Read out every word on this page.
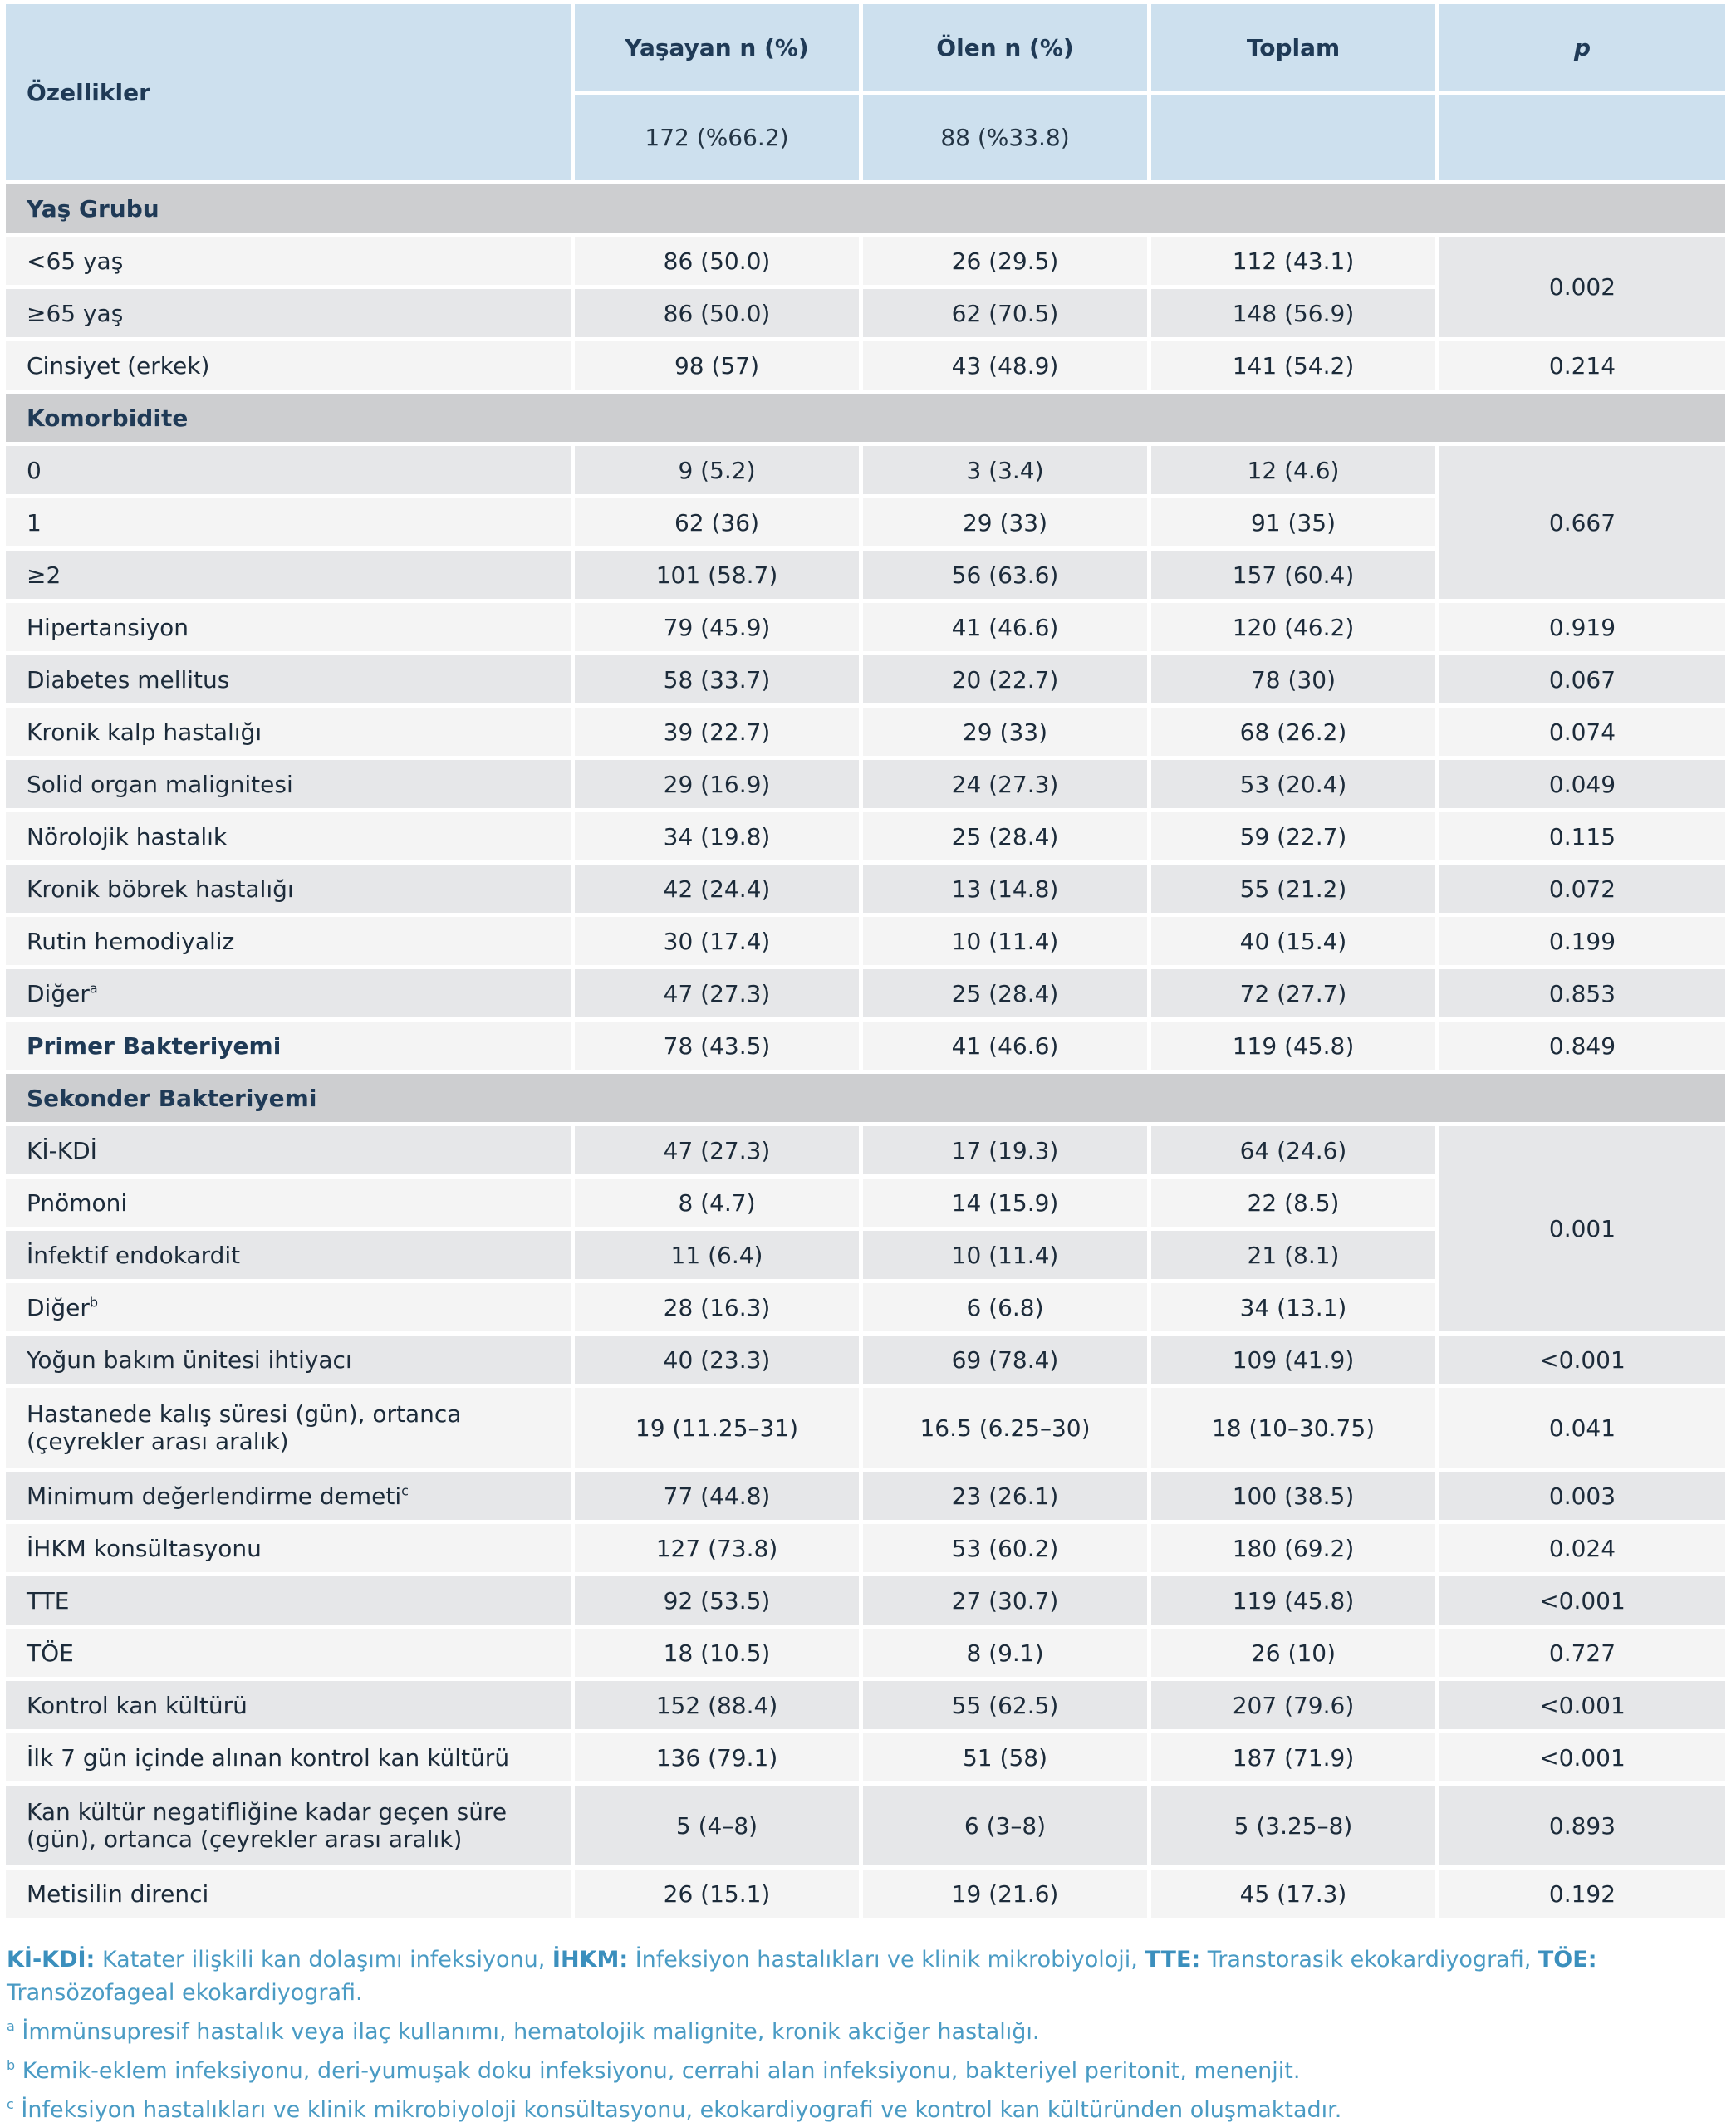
Özellikler	Yaşayan n (%)	Ölen n (%)	Toplam	p
	172 (%66.2)	88 (%33.8)		
Yaş Grubu				
<65 yaş	86 (50.0)	26 (29.5)	112 (43.1)	0.002
≥65 yaş	86 (50.0)	62 (70.5)	148 (56.9)	
Cinsiyet (erkek)	98 (57)	43 (48.9)	141 (54.2)	0.214
Komorbidite				
0	9 (5.2)	3 (3.4)	12 (4.6)	0.667
1	62 (36)	29 (33)	91 (35)	
≥2	101 (58.7)	56 (63.6)	157 (60.4)	
Hipertansiyon	79 (45.9)	41 (46.6)	120 (46.2)	0.919
Diabetes mellitus	58 (33.7)	20 (22.7)	78 (30)	0.067
Kronik kalp hastalığı	39 (22.7)	29 (33)	68 (26.2)	0.074
Solid organ malignitesi	29 (16.9)	24 (27.3)	53 (20.4)	0.049
Nörolojik hastalık	34 (19.8)	25 (28.4)	59 (22.7)	0.115
Kronik böbrek hastalığı	42 (24.4)	13 (14.8)	55 (21.2)	0.072
Rutin hemodiyaliz	30 (17.4)	10 (11.4)	40 (15.4)	0.199
Diğer$^a$	47 (27.3)	25 (28.4)	72 (27.7)	0.853
Primer Bakteriyemi	78 (43.5)	41 (46.6)	119 (45.8)	0.849
Sekonder Bakteriyemi				
Kİ-KDİ	47 (27.3)	17 (19.3)	64 (24.6)	0.001
Pnömoni	8 (4.7)	14 (15.9)	22 (8.5)	
İnfektif endokardit	11 (6.4)	10 (11.4)	21 (8.1)	
Diğer$^b$	28 (16.3)	6 (6.8)	34 (13.1)	
Yoğun bakım ünitesi ihtiyacı	40 (23.3)	69 (78.4)	109 (41.9)	<0.001
Hastanede kalış süresi (gün), ortanca (çeyrekler arası aralık)	19 (11.25–31)	16.5 (6.25–30)	18 (10–30.75)	0.041
Minimum değerlendirme demeti$^c$	77 (44.8)	23 (26.1)	100 (38.5)	0.003
İHKM konsültasyonu	127 (73.8)	53 (60.2)	180 (69.2)	0.024
TTE	92 (53.5)	27 (30.7)	119 (45.8)	<0.001
TÖE	18 (10.5)	8 (9.1)	26 (10)	0.727
Kontrol kan kültürü	152 (88.4)	55 (62.5)	207 (79.6)	<0.001
İlk 7 gün içinde alınan kontrol kan kültürü	136 (79.1)	51 (58)	187 (71.9)	<0.001
Kan kültür negatifliğine kadar geçen süre (gün), ortanca (çeyrekler arası aralık)	5 (4–8)	6 (3–8)	5 (3.25–8)	0.893
Metisilin direnci	26 (15.1)	19 (21.6)	45 (17.3)	0.192
Kİ-KDİ: Katater ilişkili kan dolaşımı infeksiyonu, İHKM: İnfeksiyon hastalıkları ve klinik mikrobiyoloji, TTE: Transtorasik ekokardiyografi, TÖE: Transözofageal ekokardiyografi.
$^a$ İmmünsupresif hastalık veya ilaç kullanımı, hematolojik malignite, kronik akciğer hastalığı.
$^b$ Kemik-eklem infeksiyonu, deri-yumuşak doku infeksiyonu, cerrahi alan infeksiyonu, bakteriyel peritonit, menenjit.
$^c$ İnfeksiyon hastalıkları ve klinik mikrobiyoloji konsültasyonu, ekokardiyografi ve kontrol kan kültüründen oluşmaktadır.
